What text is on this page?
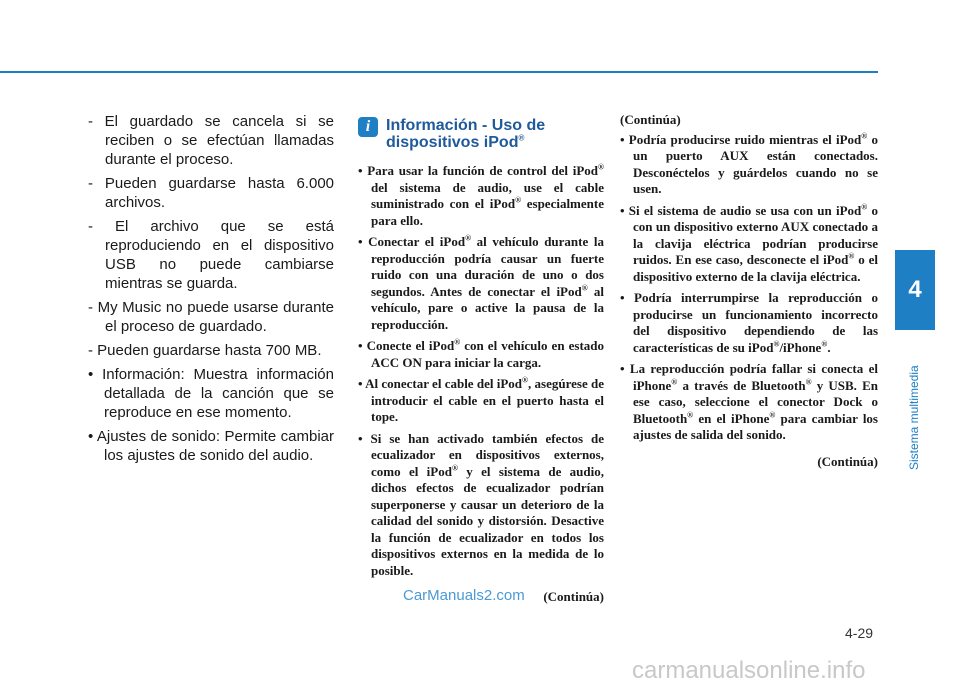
4
Sistema multimedia

- El guardado se cancela si se reciben o se efectúan llamadas durante el proceso.

- Pueden guardarse hasta 6.000 archivos.

- El archivo que se está reproduciendo en el dispositivo USB no puede cambiarse mientras se guarda.

- My Music no puede usarse durante el proceso de guardado.

- Pueden guardarse hasta 700 MB.

• Información: Muestra información detallada de la canción que se reproduce en ese momento.

• Ajustes de sonido: Permite cambiar los ajustes de sonido del audio.

i Información - Uso de dispositivos iPod®

• Para usar la función de control del iPod® del sistema de audio, use el cable suministrado con el iPod® especialmente para ello.

• Conectar el iPod® al vehículo durante la reproducción podría causar un fuerte ruido con una duración de uno o dos segundos. Antes de conectar el iPod® al vehículo, pare o active la pausa de la reproducción.

• Conecte el iPod® con el vehículo en estado ACC ON para iniciar la carga.

• Al conectar el cable del iPod®, asegúrese de introducir el cable en el puerto hasta el tope.

• Si se han activado también efectos de ecualizador en dispositivos externos, como el iPod® y el sistema de audio, dichos efectos de ecualizador podrían superponerse y causar un deterioro de la calidad del sonido y distorsión. Desactive la función de ecualizador en todos los dispositivos externos en la medida de lo posible.

(Continúa)

(Continúa)

• Podría producirse ruido mientras el iPod® o un puerto AUX están conectados. Desconéctelos y guárdelos cuando no se usen.

• Si el sistema de audio se usa con un iPod® o con un dispositivo externo AUX conectado a la clavija eléctrica podrían producirse ruidos. En ese caso, desconecte el iPod® o el dispositivo externo de la clavija eléctrica.

• Podría interrumpirse la reproducción o producirse un funcionamiento incorrecto del dispositivo dependiendo de las características de su iPod®/iPhone®.

• La reproducción podría fallar si conecta el iPhone® a través de Bluetooth® y USB. En ese caso, seleccione el conector Dock o Bluetooth® en el iPhone® para cambiar los ajustes de salida del sonido.

(Continúa)

4-29
CarManuals2.com
carmanualsonline.info
